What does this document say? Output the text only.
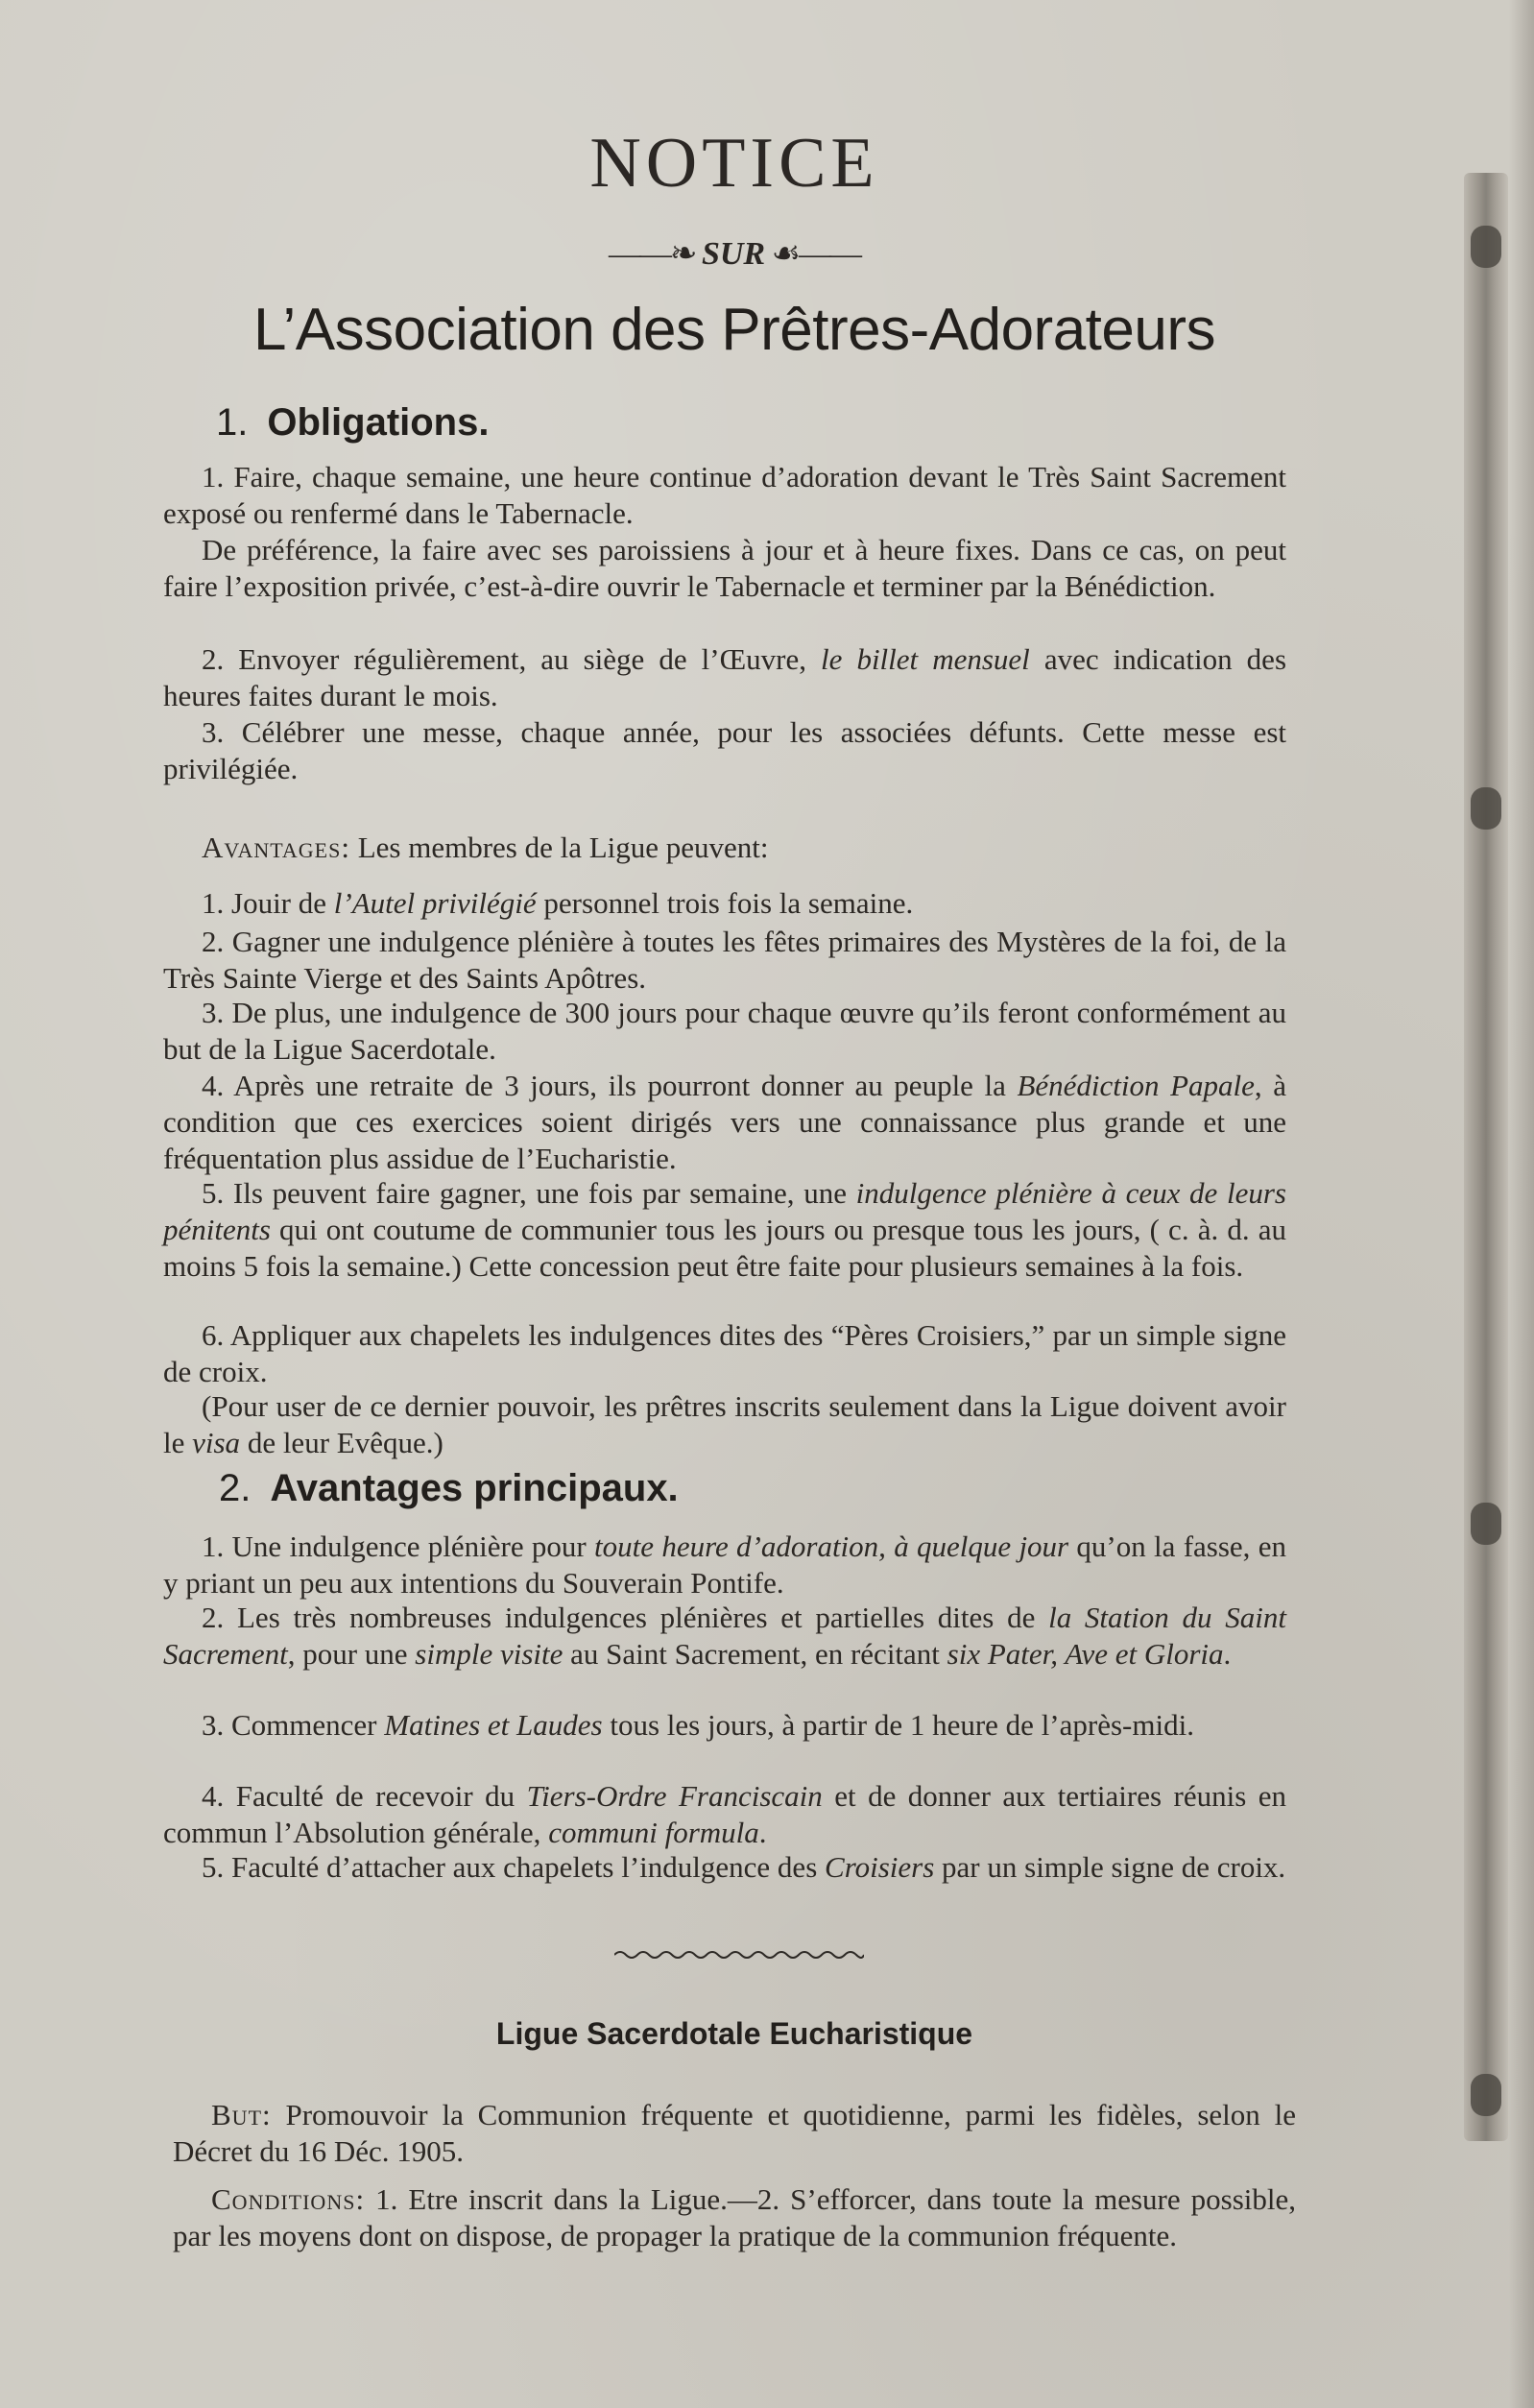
NOTICE
——❧ SUR ☙——
L’Association des Prêtres-Adorateurs
1. Obligations.
1. Faire, chaque semaine, une heure continue d’adoration devant le Très Saint Sacrement exposé ou renfermé dans le Tabernacle.
De préférence, la faire avec ses paroissiens à jour et à heure fixes. Dans ce cas, on peut faire l’exposition privée, c’est-à-dire ouvrir le Tabernacle et terminer par la Bénédiction.
2. Envoyer régulièrement, au siège de l’Œuvre, le billet mensuel avec indication des heures faites durant le mois.
3. Célébrer une messe, chaque année, pour les associées défunts. Cette messe est privilégiée.
Avantages: Les membres de la Ligue peuvent:
1. Jouir de l’Autel privilégié personnel trois fois la semaine.
2. Gagner une indulgence plénière à toutes les fêtes primaires des Mystères de la foi, de la Très Sainte Vierge et des Saints Apôtres.
3. De plus, une indulgence de 300 jours pour chaque œuvre qu’ils feront conformément au but de la Ligue Sacerdotale.
4. Après une retraite de 3 jours, ils pourront donner au peuple la Bénédiction Papale, à condition que ces exercices soient dirigés vers une connaissance plus grande et une fréquentation plus assidue de l’Eucharistie.
5. Ils peuvent faire gagner, une fois par semaine, une indulgence plénière à ceux de leurs pénitents qui ont coutume de communier tous les jours ou presque tous les jours, ( c. à. d. au moins 5 fois la semaine.) Cette concession peut être faite pour plusieurs semaines à la fois.
6. Appliquer aux chapelets les indulgences dites des “Pères Croisiers,” par un simple signe de croix.
(Pour user de ce dernier pouvoir, les prêtres inscrits seulement dans la Ligue doivent avoir le visa de leur Evêque.)
2. Avantages principaux.
1. Une indulgence plénière pour toute heure d’adoration, à quelque jour qu’on la fasse, en y priant un peu aux intentions du Souverain Pontife.
2. Les très nombreuses indulgences plénières et partielles dites de la Station du Saint Sacrement, pour une simple visite au Saint Sacrement, en récitant six Pater, Ave et Gloria.
3. Commencer Matines et Laudes tous les jours, à partir de 1 heure de l’après-midi.
4. Faculté de recevoir du Tiers-Ordre Franciscain et de donner aux tertiaires réunis en commun l’Absolution générale, communi formula.
5. Faculté d’attacher aux chapelets l’indulgence des Croisiers par un simple signe de croix.
Ligue Sacerdotale Eucharistique
But: Promouvoir la Communion fréquente et quotidienne, parmi les fidèles, selon le Décret du 16 Déc. 1905.
Conditions: 1. Etre inscrit dans la Ligue.—2. S’efforcer, dans toute la mesure possible, par les moyens dont on dispose, de propager la pratique de la communion fréquente.
